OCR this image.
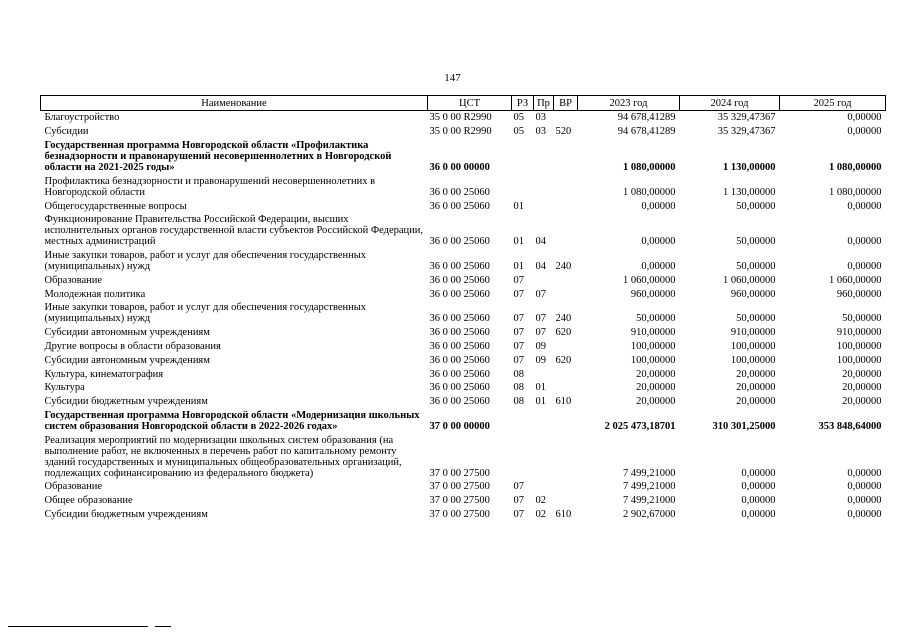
147
Наименование	ЦСТ	РЗ	Пр	ВР	2023 год	2024 год	2025 год
Благоустройство	35 0 00 R2990	05	03		94 678,41289	35 329,47367	0,00000
Субсидии	35 0 00 R2990	05	03	520	94 678,41289	35 329,47367	0,00000
Государственная программа Новгородской области «Профилактика безнадзорности и правонарушений несовершеннолетних в Новгородской области на 2021-2025 годы»	36 0 00 00000				1 080,00000	1 130,00000	1 080,00000
Профилактика безнадзорности и правонарушений несовершеннолетних в Новгородской области	36 0 00 25060				1 080,00000	1 130,00000	1 080,00000
Общегосударственные вопросы	36 0 00 25060	01			0,00000	50,00000	0,00000
Функционирование Правительства Российской Федерации, высших исполнительных органов государственной власти субъектов Российской Федерации, местных администраций	36 0 00 25060	01	04		0,00000	50,00000	0,00000
Иные закупки товаров, работ и услуг для обеспечения государственных (муниципальных) нужд	36 0 00 25060	01	04	240	0,00000	50,00000	0,00000
Образование	36 0 00 25060	07			1 060,00000	1 060,00000	1 060,00000
Молодежная политика	36 0 00 25060	07	07		960,00000	960,00000	960,00000
Иные закупки товаров, работ и услуг для обеспечения государственных (муниципальных) нужд	36 0 00 25060	07	07	240	50,00000	50,00000	50,00000
Субсидии автономным учреждениям	36 0 00 25060	07	07	620	910,00000	910,00000	910,00000
Другие вопросы в области образования	36 0 00 25060	07	09		100,00000	100,00000	100,00000
Субсидии автономным учреждениям	36 0 00 25060	07	09	620	100,00000	100,00000	100,00000
Культура, кинематография	36 0 00 25060	08			20,00000	20,00000	20,00000
Культура	36 0 00 25060	08	01		20,00000	20,00000	20,00000
Субсидии бюджетным учреждениям	36 0 00 25060	08	01	610	20,00000	20,00000	20,00000
Государственная программа Новгородской области «Модернизация школьных систем образования Новгородской области в 2022-2026 годах»	37 0 00 00000				2 025 473,18701	310 301,25000	353 848,64000
Реализация мероприятий по модернизации школьных систем образования (на выполнение работ, не включенных в перечень работ по капитальному ремонту зданий государственных и муниципальных общеобразовательных организаций, подлежащих софинансированию из федерального бюджета)	37 0 00 27500				7 499,21000	0,00000	0,00000
Образование	37 0 00 27500	07			7 499,21000	0,00000	0,00000
Общее образование	37 0 00 27500	07	02		7 499,21000	0,00000	0,00000
Субсидии бюджетным учреждениям	37 0 00 27500	07	02	610	2 902,67000	0,00000	0,00000
